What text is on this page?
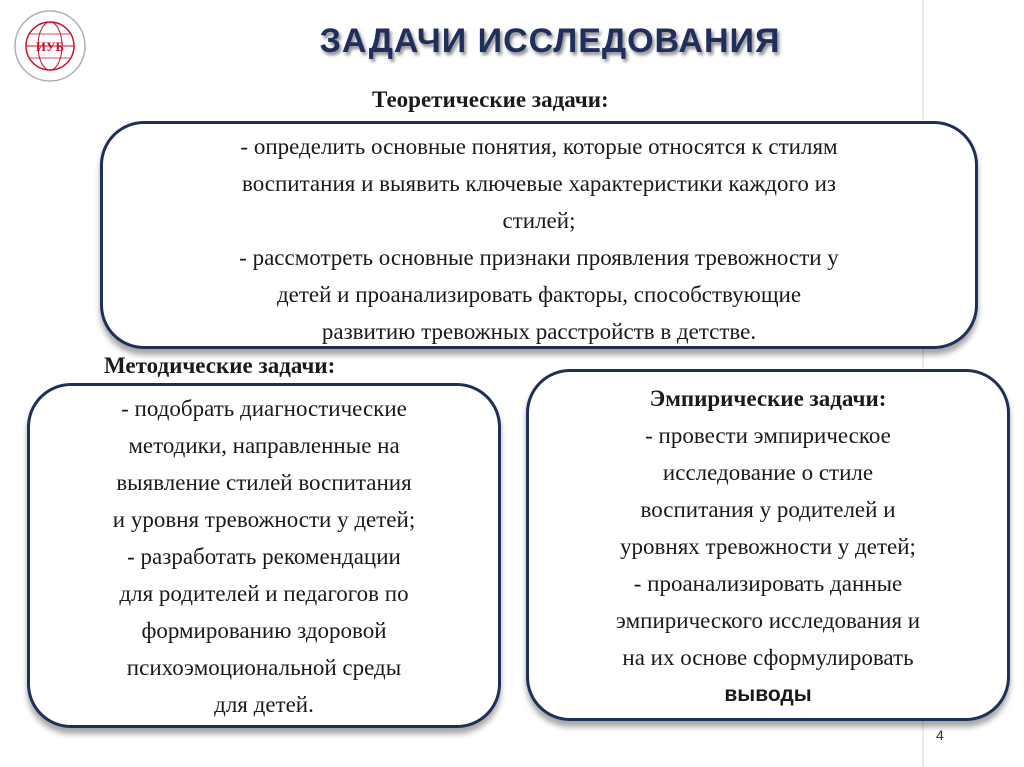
ИУБ	ЗАДАЧИ ИССЛЕДОВАНИЯ
Теоретические задачи:

- определить основные понятия, которые относятся к стилям

воспитания и выявить ключевые характеристики каждого из

стилей;

- рассмотреть основные признаки проявления тревожности у

детей и проанализировать факторы, способствующие

развитию тревожных расстройств в детстве.

Методические задачи:

- подобрать диагностические

методики, направленные на

выявление стилей воспитания

и уровня тревожности у детей;

- разработать рекомендации

для родителей и педагогов по

формированию здоровой

психоэмоциональной среды

для детей.

Эмпирические задачи:

- провести эмпирическое

исследование о стиле

воспитания у родителей и

уровнях тревожности у детей;

- проанализировать данные

эмпирического исследования и

на их основе сформулировать

выводы

4
